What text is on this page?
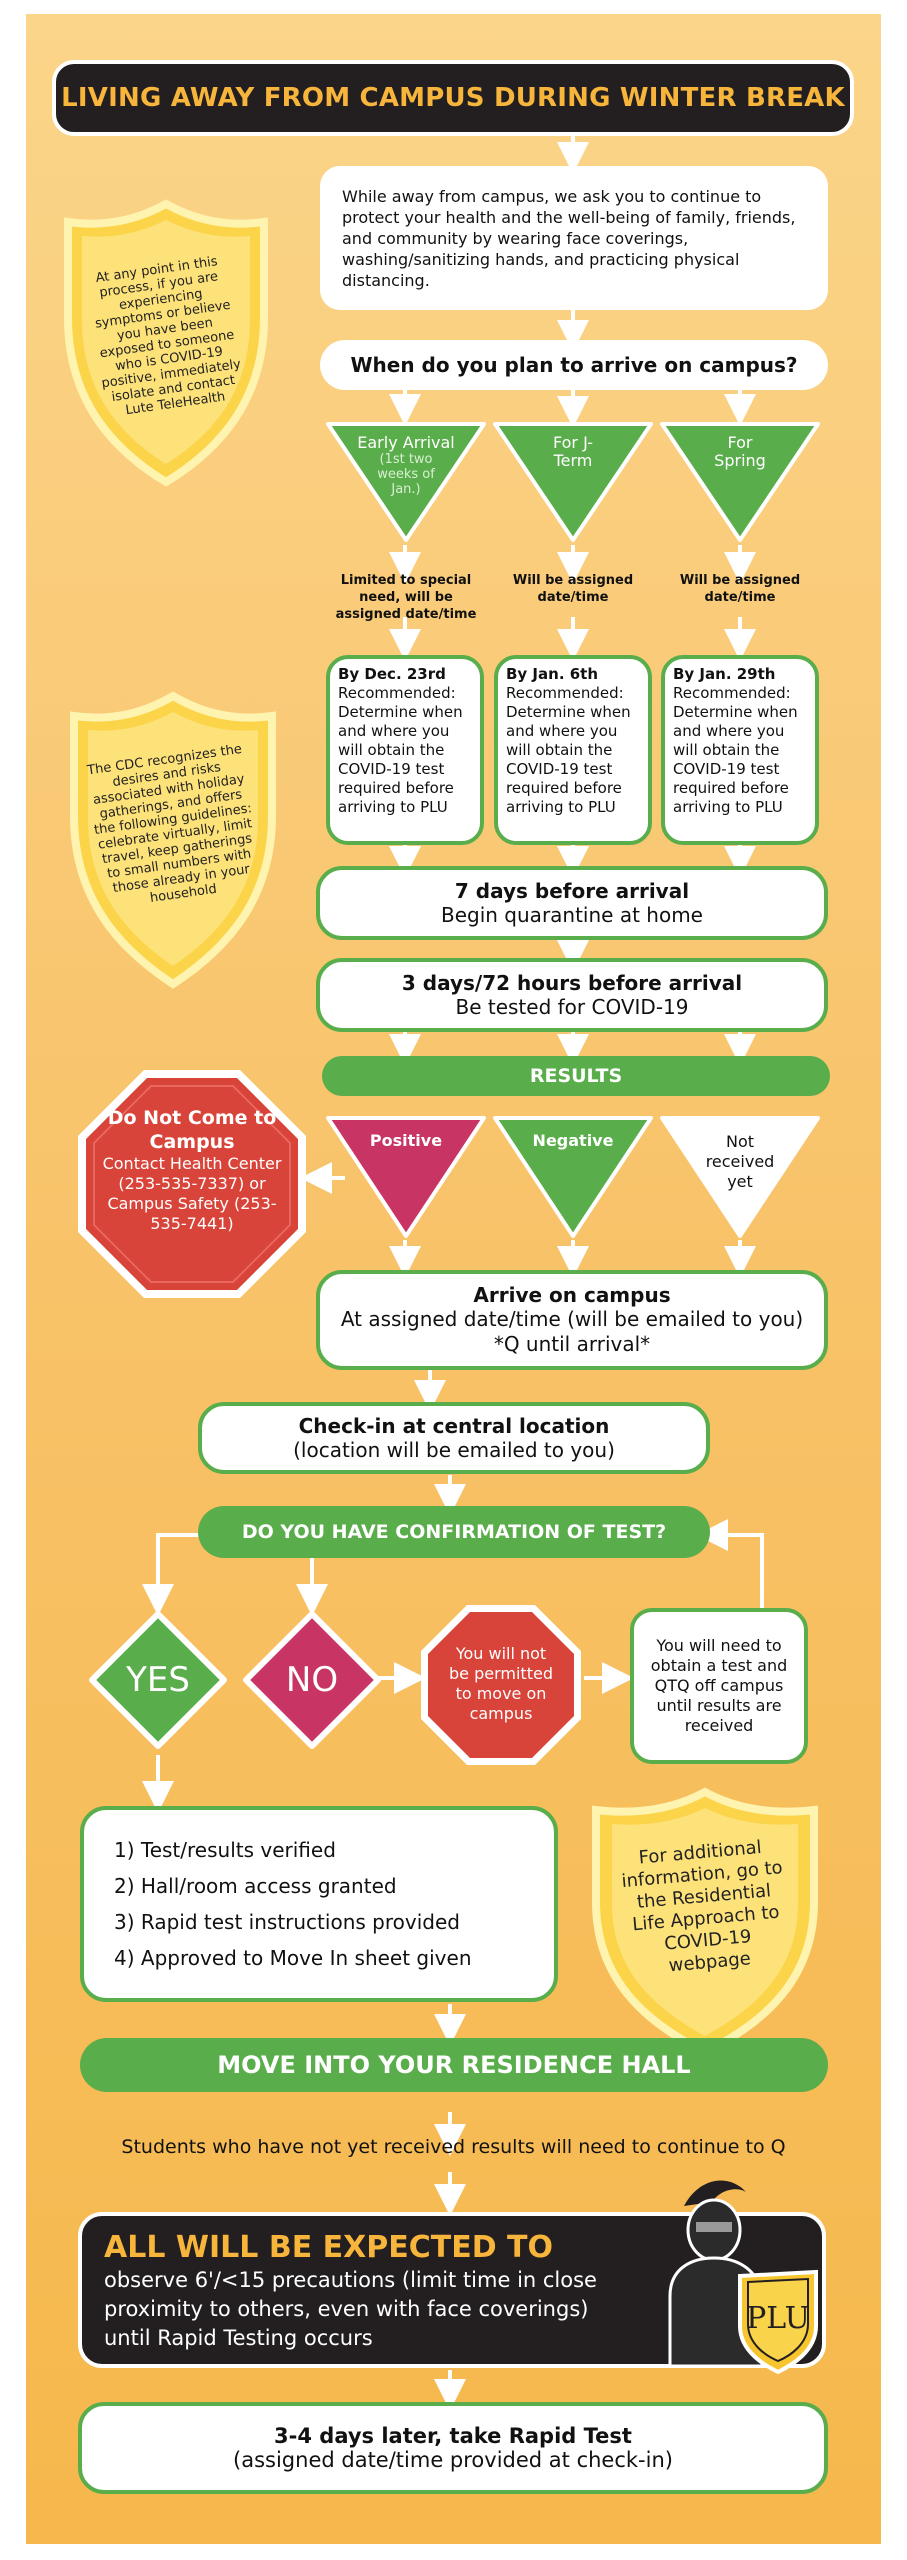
LIVING AWAY FROM CAMPUS DURING WINTER BREAK
While away from campus, we ask you to continue to protect your health and the well-being of family, friends, and community by wearing face coverings, washing/sanitizing hands, and practicing physical distancing.
At any point in this process, if you are experiencing symptoms or believe you have been exposed to someone who is COVID-19 positive, immediately isolate and contact Lute TeleHealth
When do you plan to arrive on campus?
Early Arrival
(1st two weeks of Jan.)
For J-Term
For Spring
Limited to special need, will be assigned date/time
Will be assigned date/time
Will be assigned date/time
By Dec. 23rd
Recommended: Determine when and where you will obtain the COVID-19 test required before arriving to PLU
By Jan. 6th
Recommended: Determine when and where you will obtain the COVID-19 test required before arriving to PLU
By Jan. 29th
Recommended: Determine when and where you will obtain the COVID-19 test required before arriving to PLU
The CDC recognizes the desires and risks associated with holiday gatherings, and offers the following guidelines: celebrate virtually, limit travel, keep gatherings to small numbers with those already in your household	7 days before arrival
Begin quarantine at home
3 days/72 hours before arrival
Be tested for COVID-19
RESULTS
Positive	Negative	Not received yet
Do Not Come to Campus
Contact Health Center (253-535-7337) or Campus Safety (253-535-7441)
Arrive on campus
At assigned date/time (will be emailed to you) *Q until arrival*
Check-in at central location
(location will be emailed to you)
DO YOU HAVE CONFIRMATION OF TEST?
YES	NO
You will not be permitted to move on campus
You will need to obtain a test and QTQ off campus until results are received
1) Test/results verified
2) Hall/room access granted
3) Rapid test instructions provided
4) Approved to Move In sheet given
For additional information, go to the Residential Life Approach to COVID-19 webpage
MOVE INTO YOUR RESIDENCE HALL
Students who have not yet received results will need to continue to Q
ALL WILL BE EXPECTED TO
observe 6'/<15 precautions (limit time in close proximity to others, even with face coverings) until Rapid Testing occurs
PLU
3-4 days later, take Rapid Test
(assigned date/time provided at check-in)
